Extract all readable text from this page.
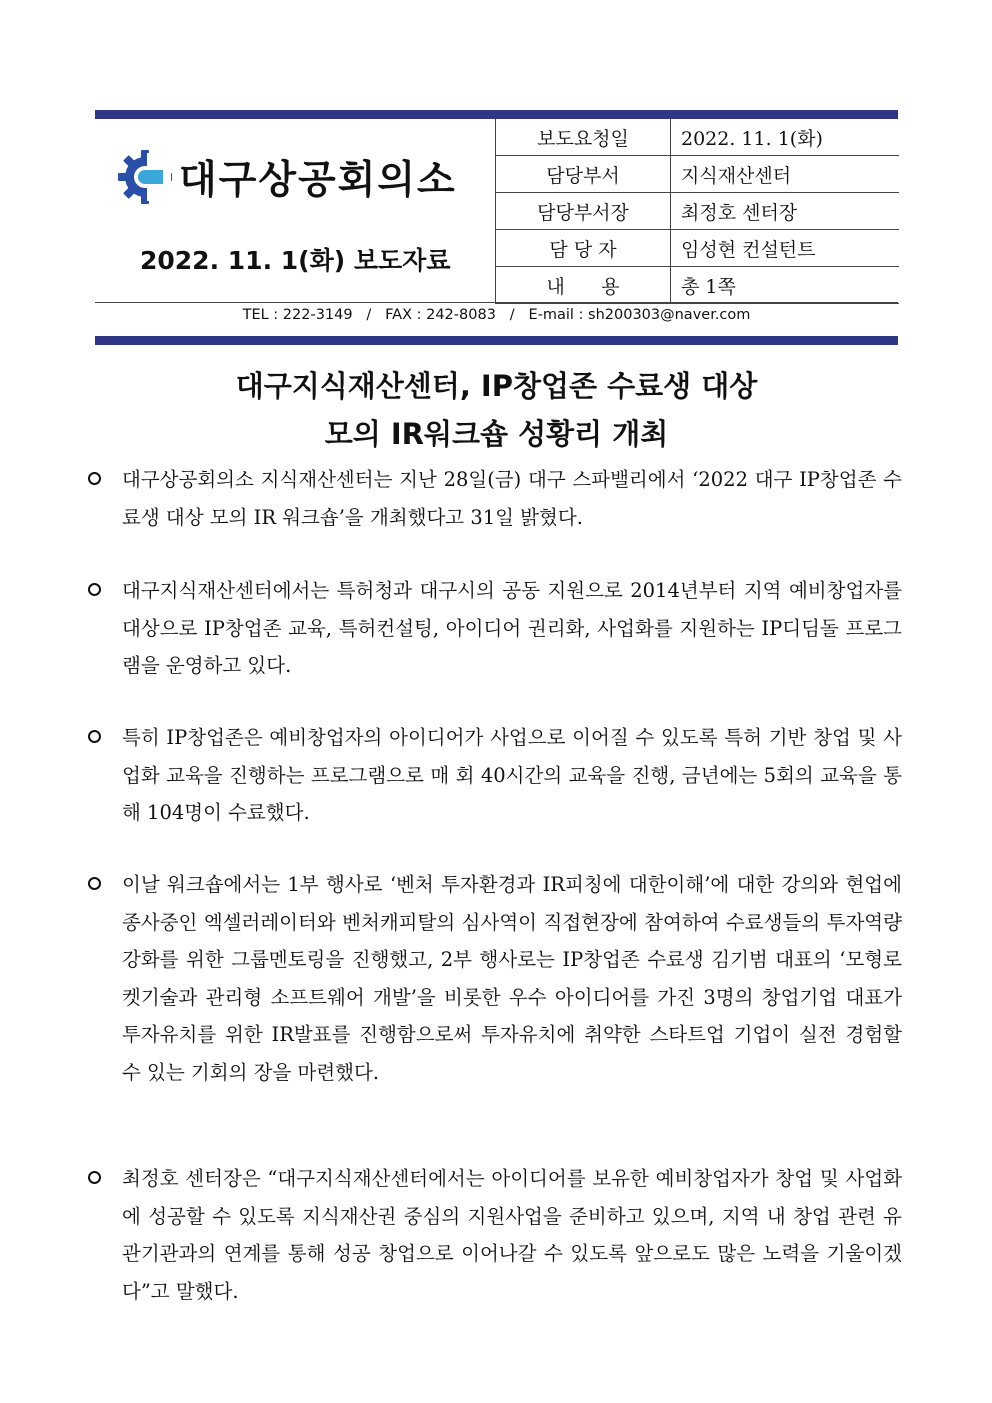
대구상공회의소
2022. 11. 1(화) 보도자료
보도요청일	2022. 11. 1(화)
담당부서	지식재산센터
담당부서장	최정호 센터장
담 당 자	임성현 컨설턴트
내      용	총 1쪽
TEL : 222-3149   /   FAX : 242-8083   /   E-mail : sh200303@naver.com
대구지식재산센터, IP창업존 수료생 대상
모의 IR워크숍 성황리 개최
대구상공회의소 지식재산센터는 지난 28일(금) 대구 스파밸리에서 ‘2022 대구 IP창업존 수료생 대상 모의 IR 워크숍’을 개최했다고 31일 밝혔다.
대구지식재산센터에서는 특허청과 대구시의 공동 지원으로 2014년부터 지역 예비창업자를 대상으로 IP창업존 교육, 특허컨설팅, 아이디어 권리화, 사업화를 지원하는 IP디딤돌 프로그램을 운영하고 있다.
특히 IP창업존은 예비창업자의 아이디어가 사업으로 이어질 수 있도록 특허 기반 창업 및 사업화 교육을 진행하는 프로그램으로 매 회 40시간의 교육을 진행, 금년에는 5회의 교육을 통해 104명이 수료했다.
이날 워크숍에서는 1부 행사로 ‘벤처 투자환경과 IR피칭에 대한이해’에 대한 강의와 현업에 종사중인 엑셀러레이터와 벤처캐피탈의 심사역이 직접현장에 참여하여 수료생들의 투자역량강화를 위한 그룹멘토링을 진행했고, 2부 행사로는 IP창업존 수료생 김기범 대표의 ‘모형로켓기술과 관리형 소프트웨어 개발’을 비롯한 우수 아이디어를 가진 3명의 창업기업 대표가 투자유치를 위한 IR발표를 진행함으로써 투자유치에 취약한 스타트업 기업이 실전 경험할 수 있는 기회의 장을 마련했다.
최정호 센터장은 “대구지식재산센터에서는 아이디어를 보유한 예비창업자가 창업 및 사업화에 성공할 수 있도록 지식재산권 중심의 지원사업을 준비하고 있으며, 지역 내 창업 관련 유관기관과의 연계를 통해 성공 창업으로 이어나갈 수 있도록 앞으로도 많은 노력을 기울이겠다”고 말했다.
